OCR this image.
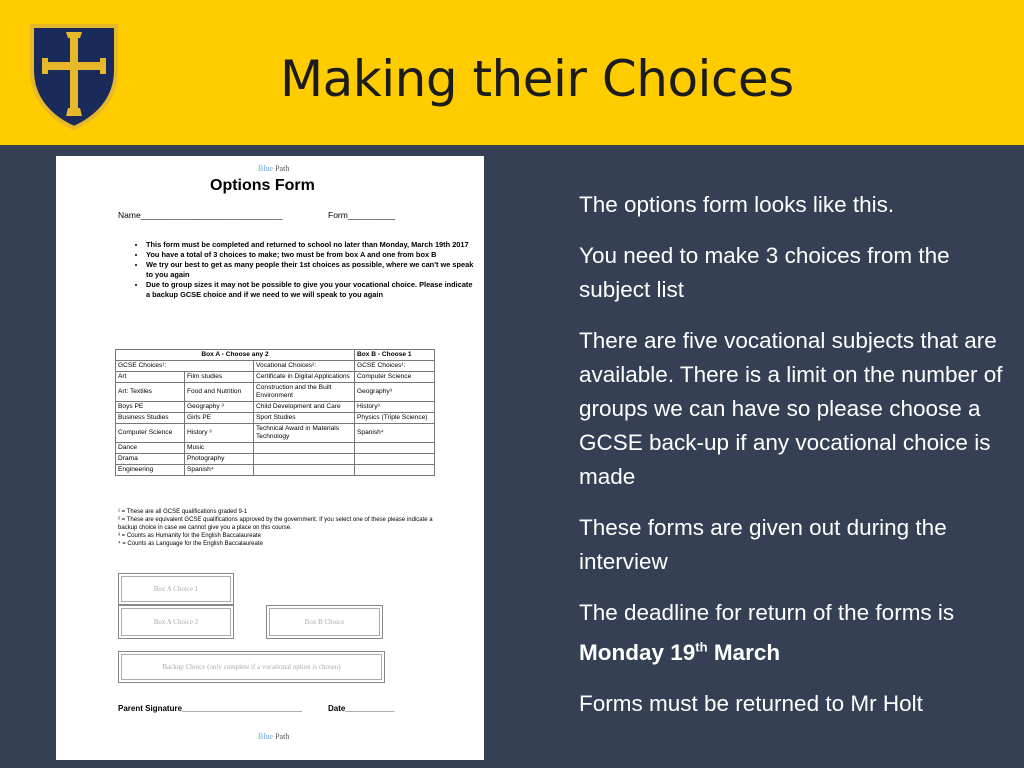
Making their Choices
Blue Path
Options Form
Name______________________________	Form__________
• This form must be completed and returned to school no later than Monday, March 19th 2017
• You have a total of 3 choices to make; two must be from box A and one from box B
• We try our best to get as many people their 1st choices as possible, where we can't we speak to you again
• Due to group sizes it may not be possible to give you your vocational choice. Please indicate a backup GCSE choice and if we need to we will speak to you again
Box A - Choose any 2			Box B - Choose 1
GCSE Choices¹:		Vocational Choices²:	GCSE Choices¹:
Art	Film studies	Certificate in Digital Applications	Computer Science
Art: Textiles	Food and Nutrition	Construction and the Built Environment	Geography³
Boys PE	Geography ³	Child Development and Care	History³
Business Studies	Girls PE	Sport Studies	Physics (Triple Science)
Computer Science	History ³	Technical Award in Materials Technology	Spanish⁴
Dance	Music		
Drama	Photography		
Engineering	Spanish⁴		
¹ = These are all GCSE qualifications graded 9-1
² = These are equivalent GCSE qualifications approved by the government. If you select one of these please indicate a backup choice in case we cannot give you a place on this course.
³ = Counts as Humanity for the English Baccalaureate
⁴ = Counts as Language for the English Baccalaureate
Box A Choice 1
Box A Choice 2	Box B Choice
Backup Choice (only complete if a vocational option is chosen)
Parent Signature___________________________	Date___________
Blue Path

The options form looks like this.

You need to make 3 choices from the subject list

There are five vocational subjects that are available. There is a limit on the number of groups we can have so please choose a GCSE back-up if any vocational choice is made

These forms are given out during the interview

The deadline for return of the forms is Monday 19th March

Forms must be returned to Mr Holt
